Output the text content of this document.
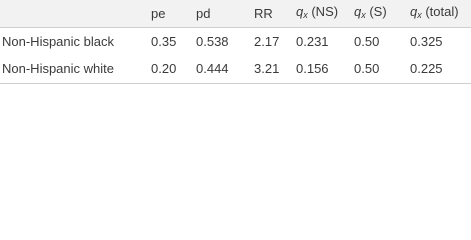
	pe	pd	RR	$q_x$ (NS)	$q_x$ (S)	$q_x$ (total)
Non-Hispanic black	0.35	0.538	2.17	0.231	0.50	0.325
Non-Hispanic white	0.20	0.444	3.21	0.156	0.50	0.225
